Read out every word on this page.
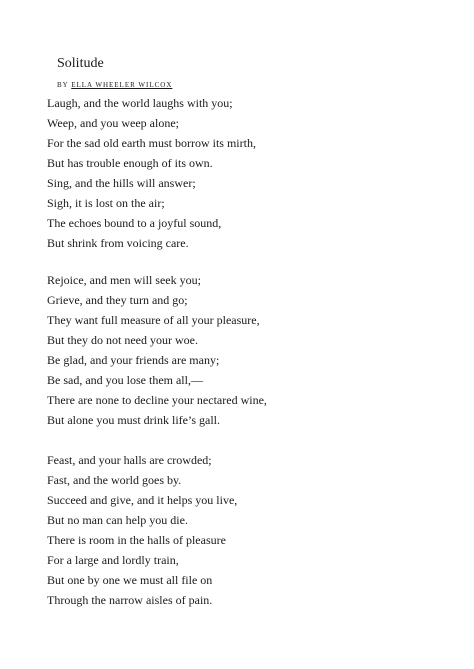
Solitude
BY ELLA WHEELER WILCOX
Laugh, and the world laughs with you;
Weep, and you weep alone;
For the sad old earth must borrow its mirth,
But has trouble enough of its own.
Sing, and the hills will answer;
Sigh, it is lost on the air;
The echoes bound to a joyful sound,
But shrink from voicing care.
Rejoice, and men will seek you;
Grieve, and they turn and go;
They want full measure of all your pleasure,
But they do not need your woe.
Be glad, and your friends are many;
Be sad, and you lose them all,—
There are none to decline your nectared wine,
But alone you must drink life’s gall.
Feast, and your halls are crowded;
Fast, and the world goes by.
Succeed and give, and it helps you live,
But no man can help you die.
There is room in the halls of pleasure
For a large and lordly train,
But one by one we must all file on
Through the narrow aisles of pain.
